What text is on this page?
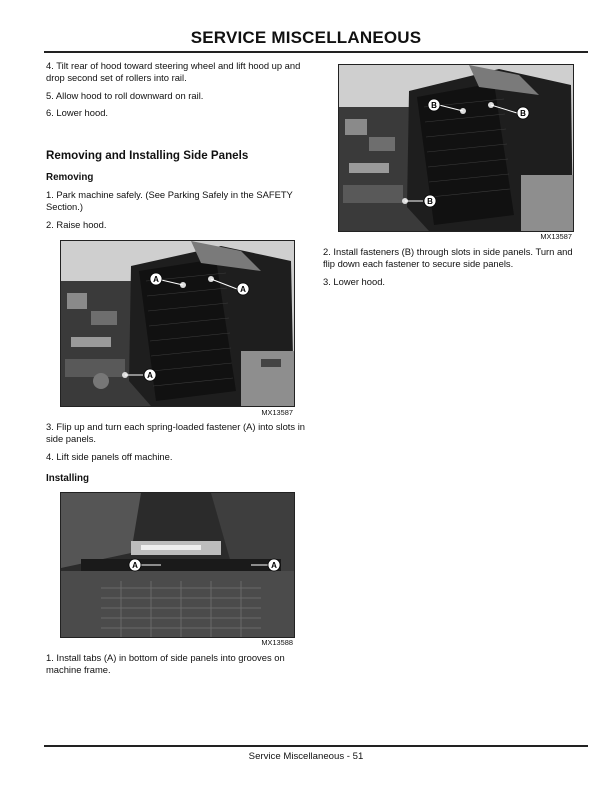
SERVICE MISCELLANEOUS
4. Tilt rear of hood toward steering wheel and lift hood up and drop second set of rollers into rail.
5. Allow hood to roll downward on rail.
6. Lower hood.
Removing and Installing Side Panels
Removing
1. Park machine safely. (See Parking Safely in the SAFETY Section.)
2. Raise hood.
A
A
A
MX13587
3. Flip up and turn each spring-loaded fastener (A) into slots in side panels.
4. Lift side panels off machine.
Installing
A	A
MX13588
1. Install tabs (A) in bottom of side panels into grooves on machine frame.
B
B
B
MX13587
2. Install fasteners (B) through slots in side panels. Turn and flip down each fastener to secure side panels.
3. Lower hood.
Service Miscellaneous - 51
